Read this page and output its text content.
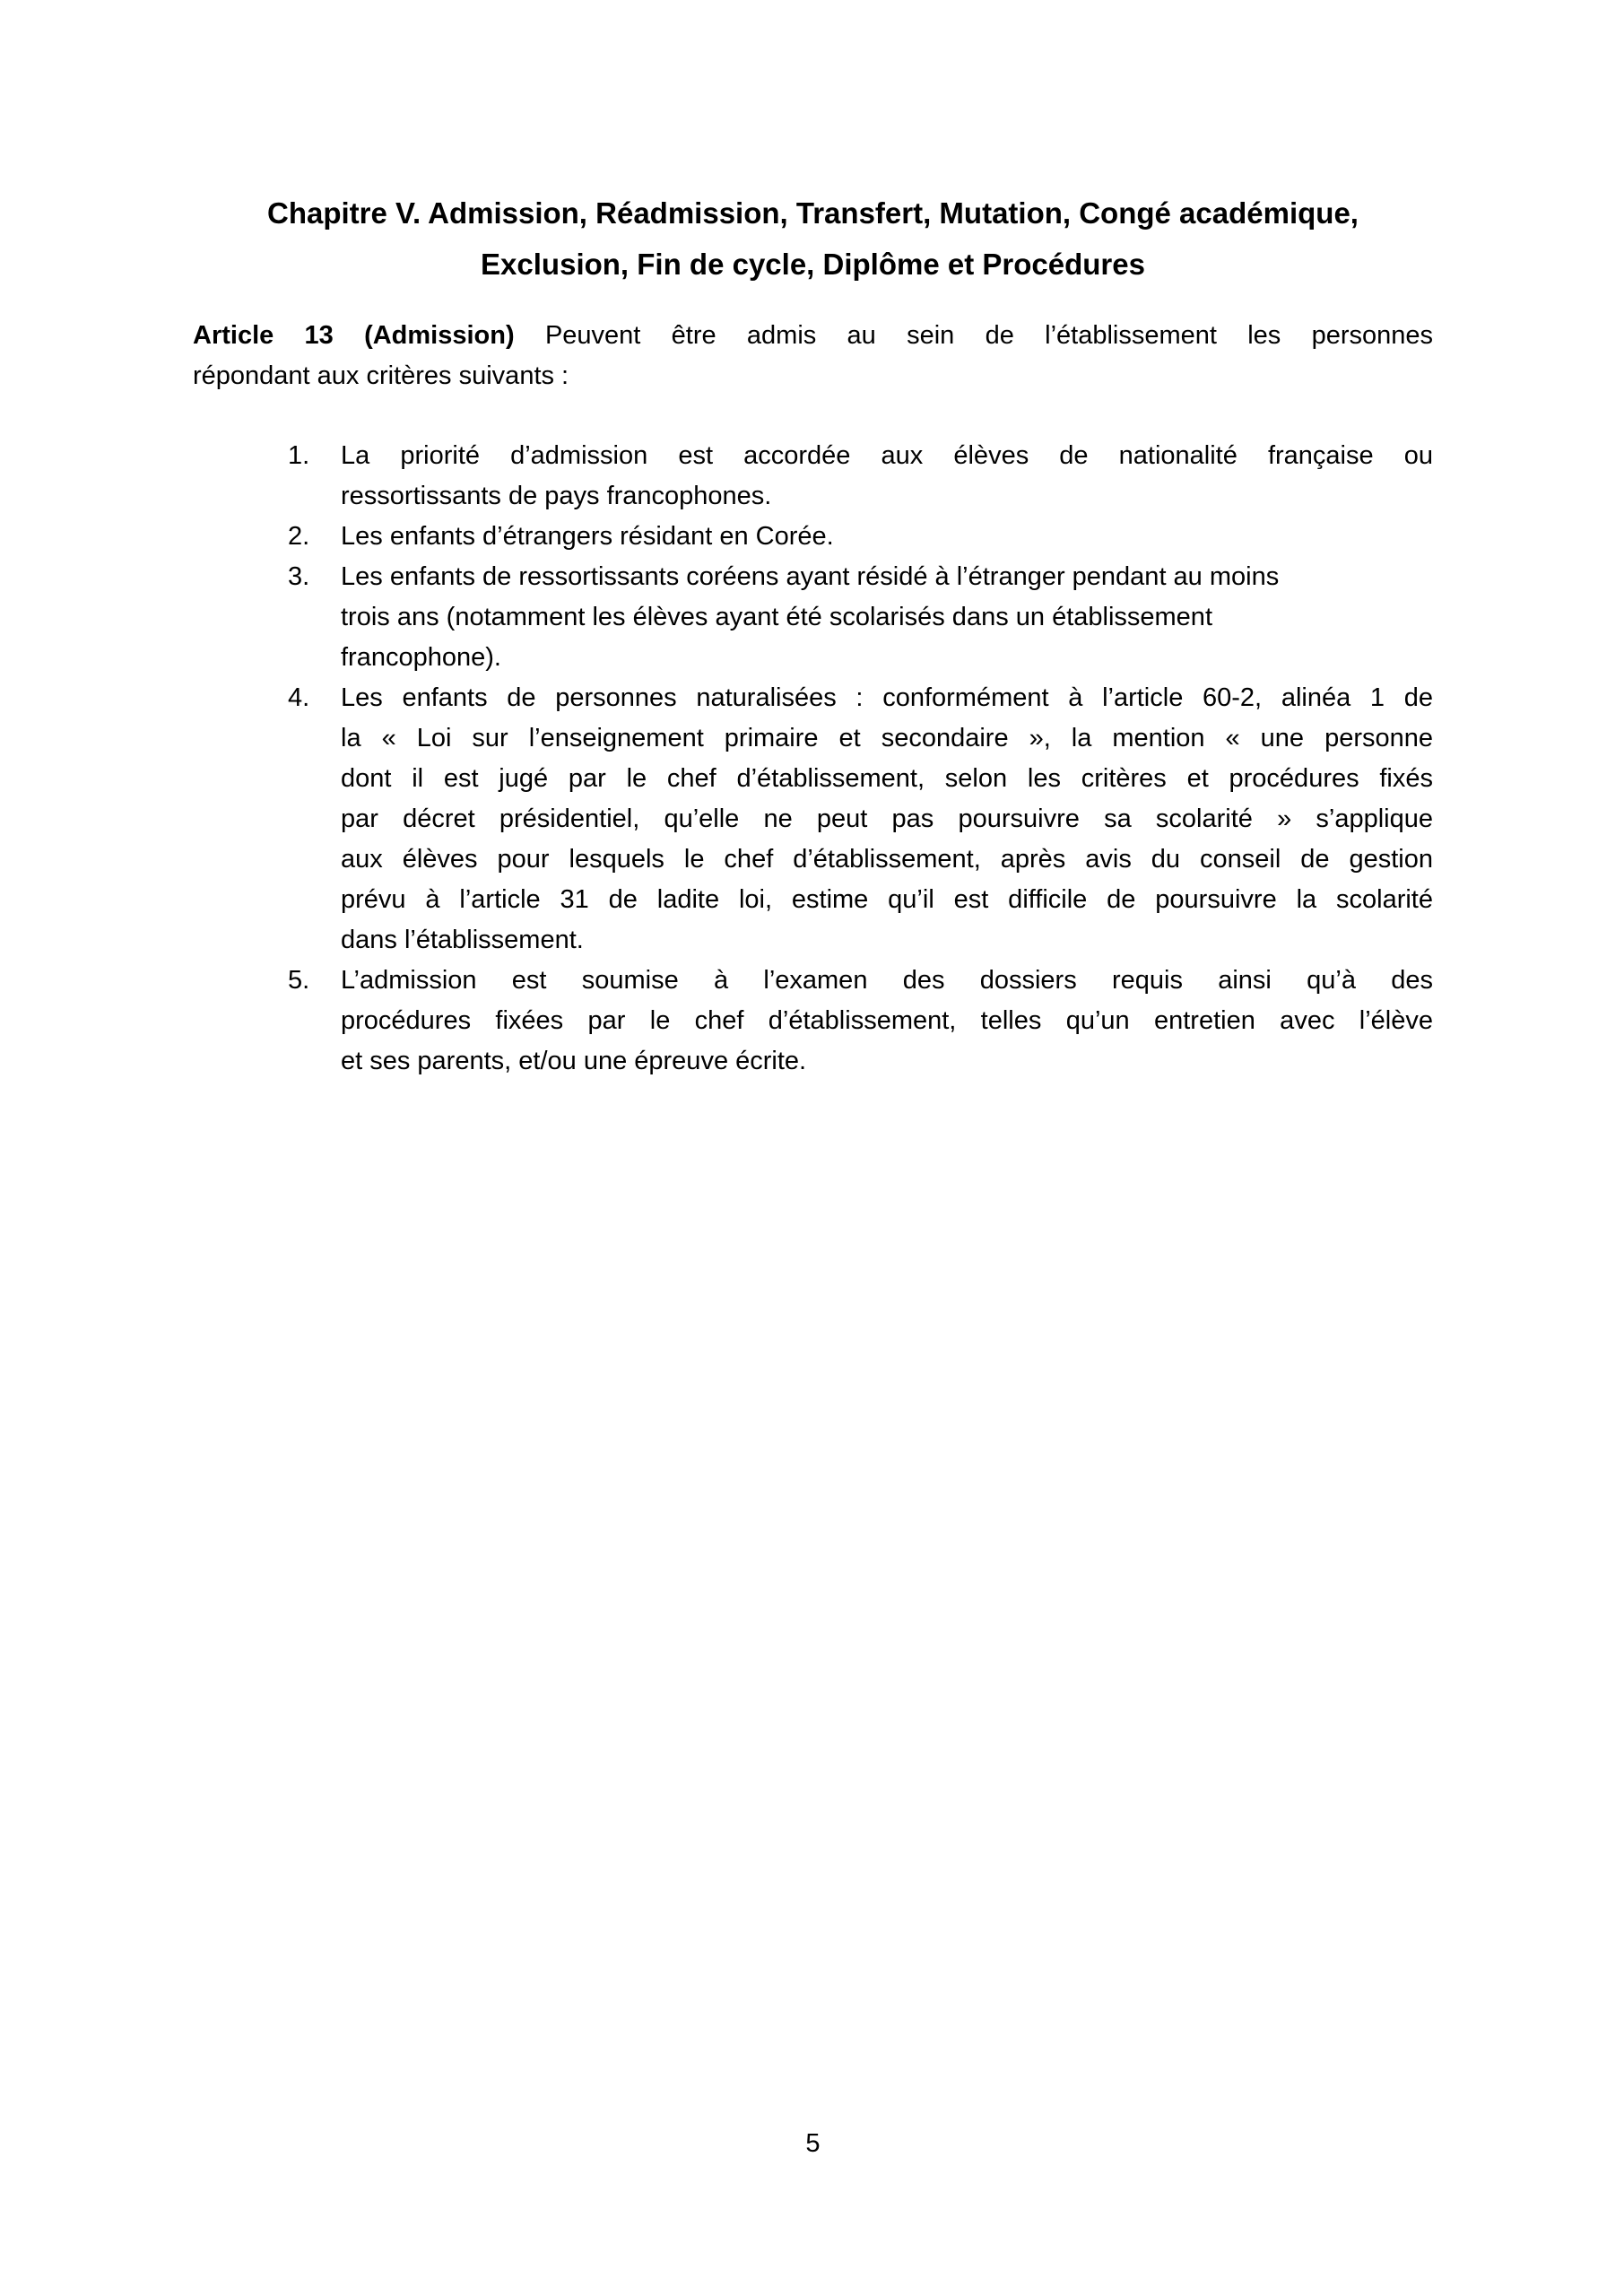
Chapitre V. Admission, Réadmission, Transfert, Mutation, Congé académique,
Exclusion, Fin de cycle, Diplôme et Procédures
Article 13 (Admission) Peuvent être admis au sein de l’établissement les personnes
répondant aux critères suivants :
1.	La priorité d’admission est accordée aux élèves de nationalité française ou
ressortissants de pays francophones.
2.	Les enfants d’étrangers résidant en Corée.
3.	Les enfants de ressortissants coréens ayant résidé à l’étranger pendant au moins
trois ans (notamment les élèves ayant été scolarisés dans un établissement
francophone).
4.	Les enfants de personnes naturalisées : conformément à l’article 60-2, alinéa 1 de
la « Loi sur l’enseignement primaire et secondaire », la mention « une personne
dont il est jugé par le chef d’établissement, selon les critères et procédures fixés
par décret présidentiel, qu’elle ne peut pas poursuivre sa scolarité » s’applique
aux élèves pour lesquels le chef d’établissement, après avis du conseil de gestion
prévu à l’article 31 de ladite loi, estime qu’il est difficile de poursuivre la scolarité
dans l’établissement.
5.	L’admission est soumise à l’examen des dossiers requis ainsi qu’à des
procédures fixées par le chef d’établissement, telles qu’un entretien avec l’élève
et ses parents, et/ou une épreuve écrite.
5
